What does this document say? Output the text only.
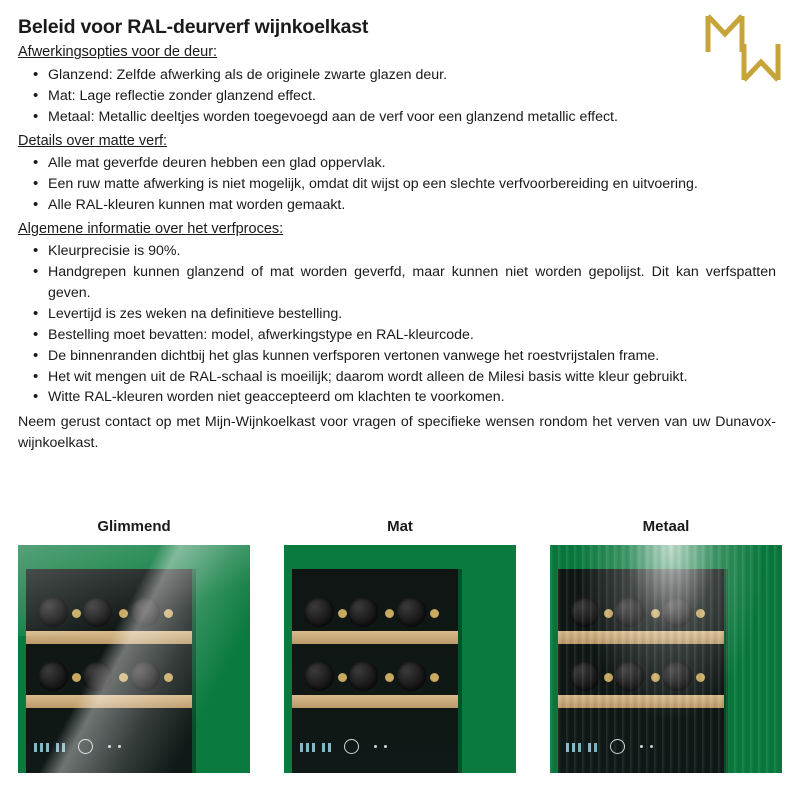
Beleid voor RAL-deurverf wijnkoelkast
Afwerkingsopties voor de deur:
• Glanzend: Zelfde afwerking als de originele zwarte glazen deur.
• Mat: Lage reflectie zonder glanzend effect.
• Metaal: Metallic deeltjes worden toegevoegd aan de verf voor een glanzend metallic effect.
Details over matte verf:
• Alle mat geverfde deuren hebben een glad oppervlak.
• Een ruw matte afwerking is niet mogelijk, omdat dit wijst op een slechte verfvoorbereiding en uitvoering.
• Alle RAL-kleuren kunnen mat worden gemaakt.
Algemene informatie over het verfproces:
• Kleurprecisie is 90%.
• Handgrepen kunnen glanzend of mat worden geverfd, maar kunnen niet worden gepolijst. Dit kan verfspatten geven.
• Levertijd is zes weken na definitieve bestelling.
• Bestelling moet bevatten: model, afwerkingstype en RAL-kleurcode.
• De binnenranden dichtbij het glas kunnen verfsporen vertonen vanwege het roestvrijstalen frame.
• Het wit mengen uit de RAL-schaal is moeilijk; daarom wordt alleen de Milesi basis witte kleur gebruikt.
• Witte RAL-kleuren worden niet geaccepteerd om klachten te voorkomen.

Neem gerust contact op met Mijn-Wijnkoelkast voor vragen of specifieke wensen rondom het verven van uw Dunavox-wijnkoelkast.

Glimmend	Mat	Metaal
